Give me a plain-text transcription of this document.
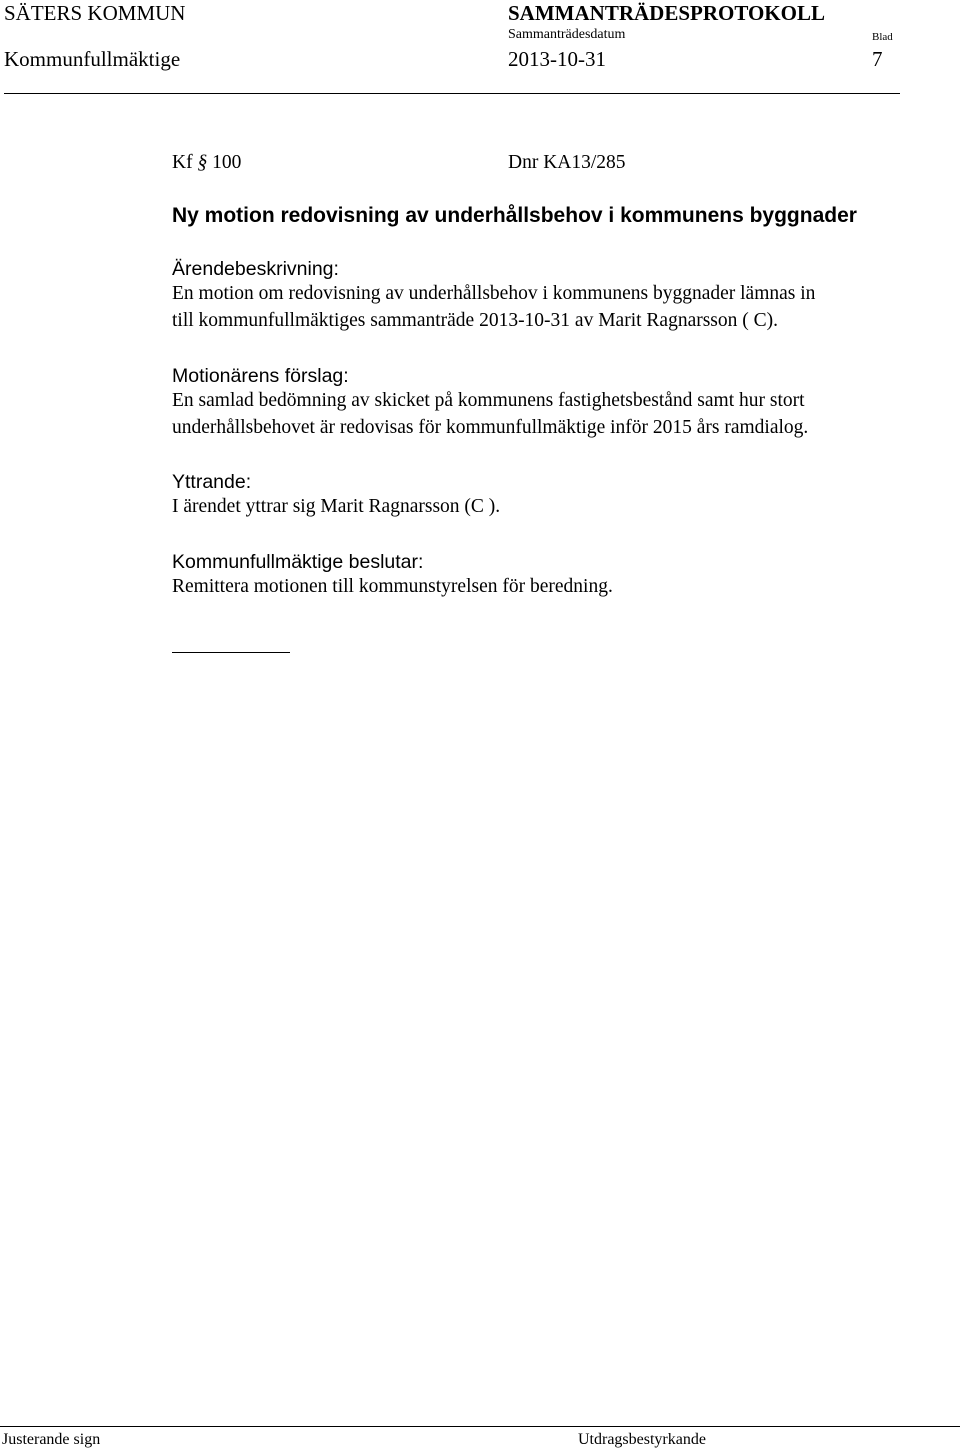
SÄTERS KOMMUN	SAMMANTRÄDESPROTOKOLL
Sammanträdesdatum	Blad
Kommunfullmäktige	2013-10-31	7
Kf § 100	Dnr KA13/285
Ny motion redovisning av underhållsbehov i kommunens byggnader
Ärendebeskrivning:

En motion om redovisning av underhållsbehov i kommunens byggnader lämnas in

till kommunfullmäktiges sammanträde 2013-10-31 av Marit Ragnarsson ( C).

Motionärens förslag:

En samlad bedömning av skicket på kommunens fastighetsbestånd samt hur stort

underhållsbehovet är redovisas för kommunfullmäktige inför 2015 års ramdialog.

Yttrande:

I ärendet yttrar sig Marit Ragnarsson (C ).

Kommunfullmäktige beslutar:

Remittera motionen till kommunstyrelsen för beredning.

Justerande sign	Utdragsbestyrkande
